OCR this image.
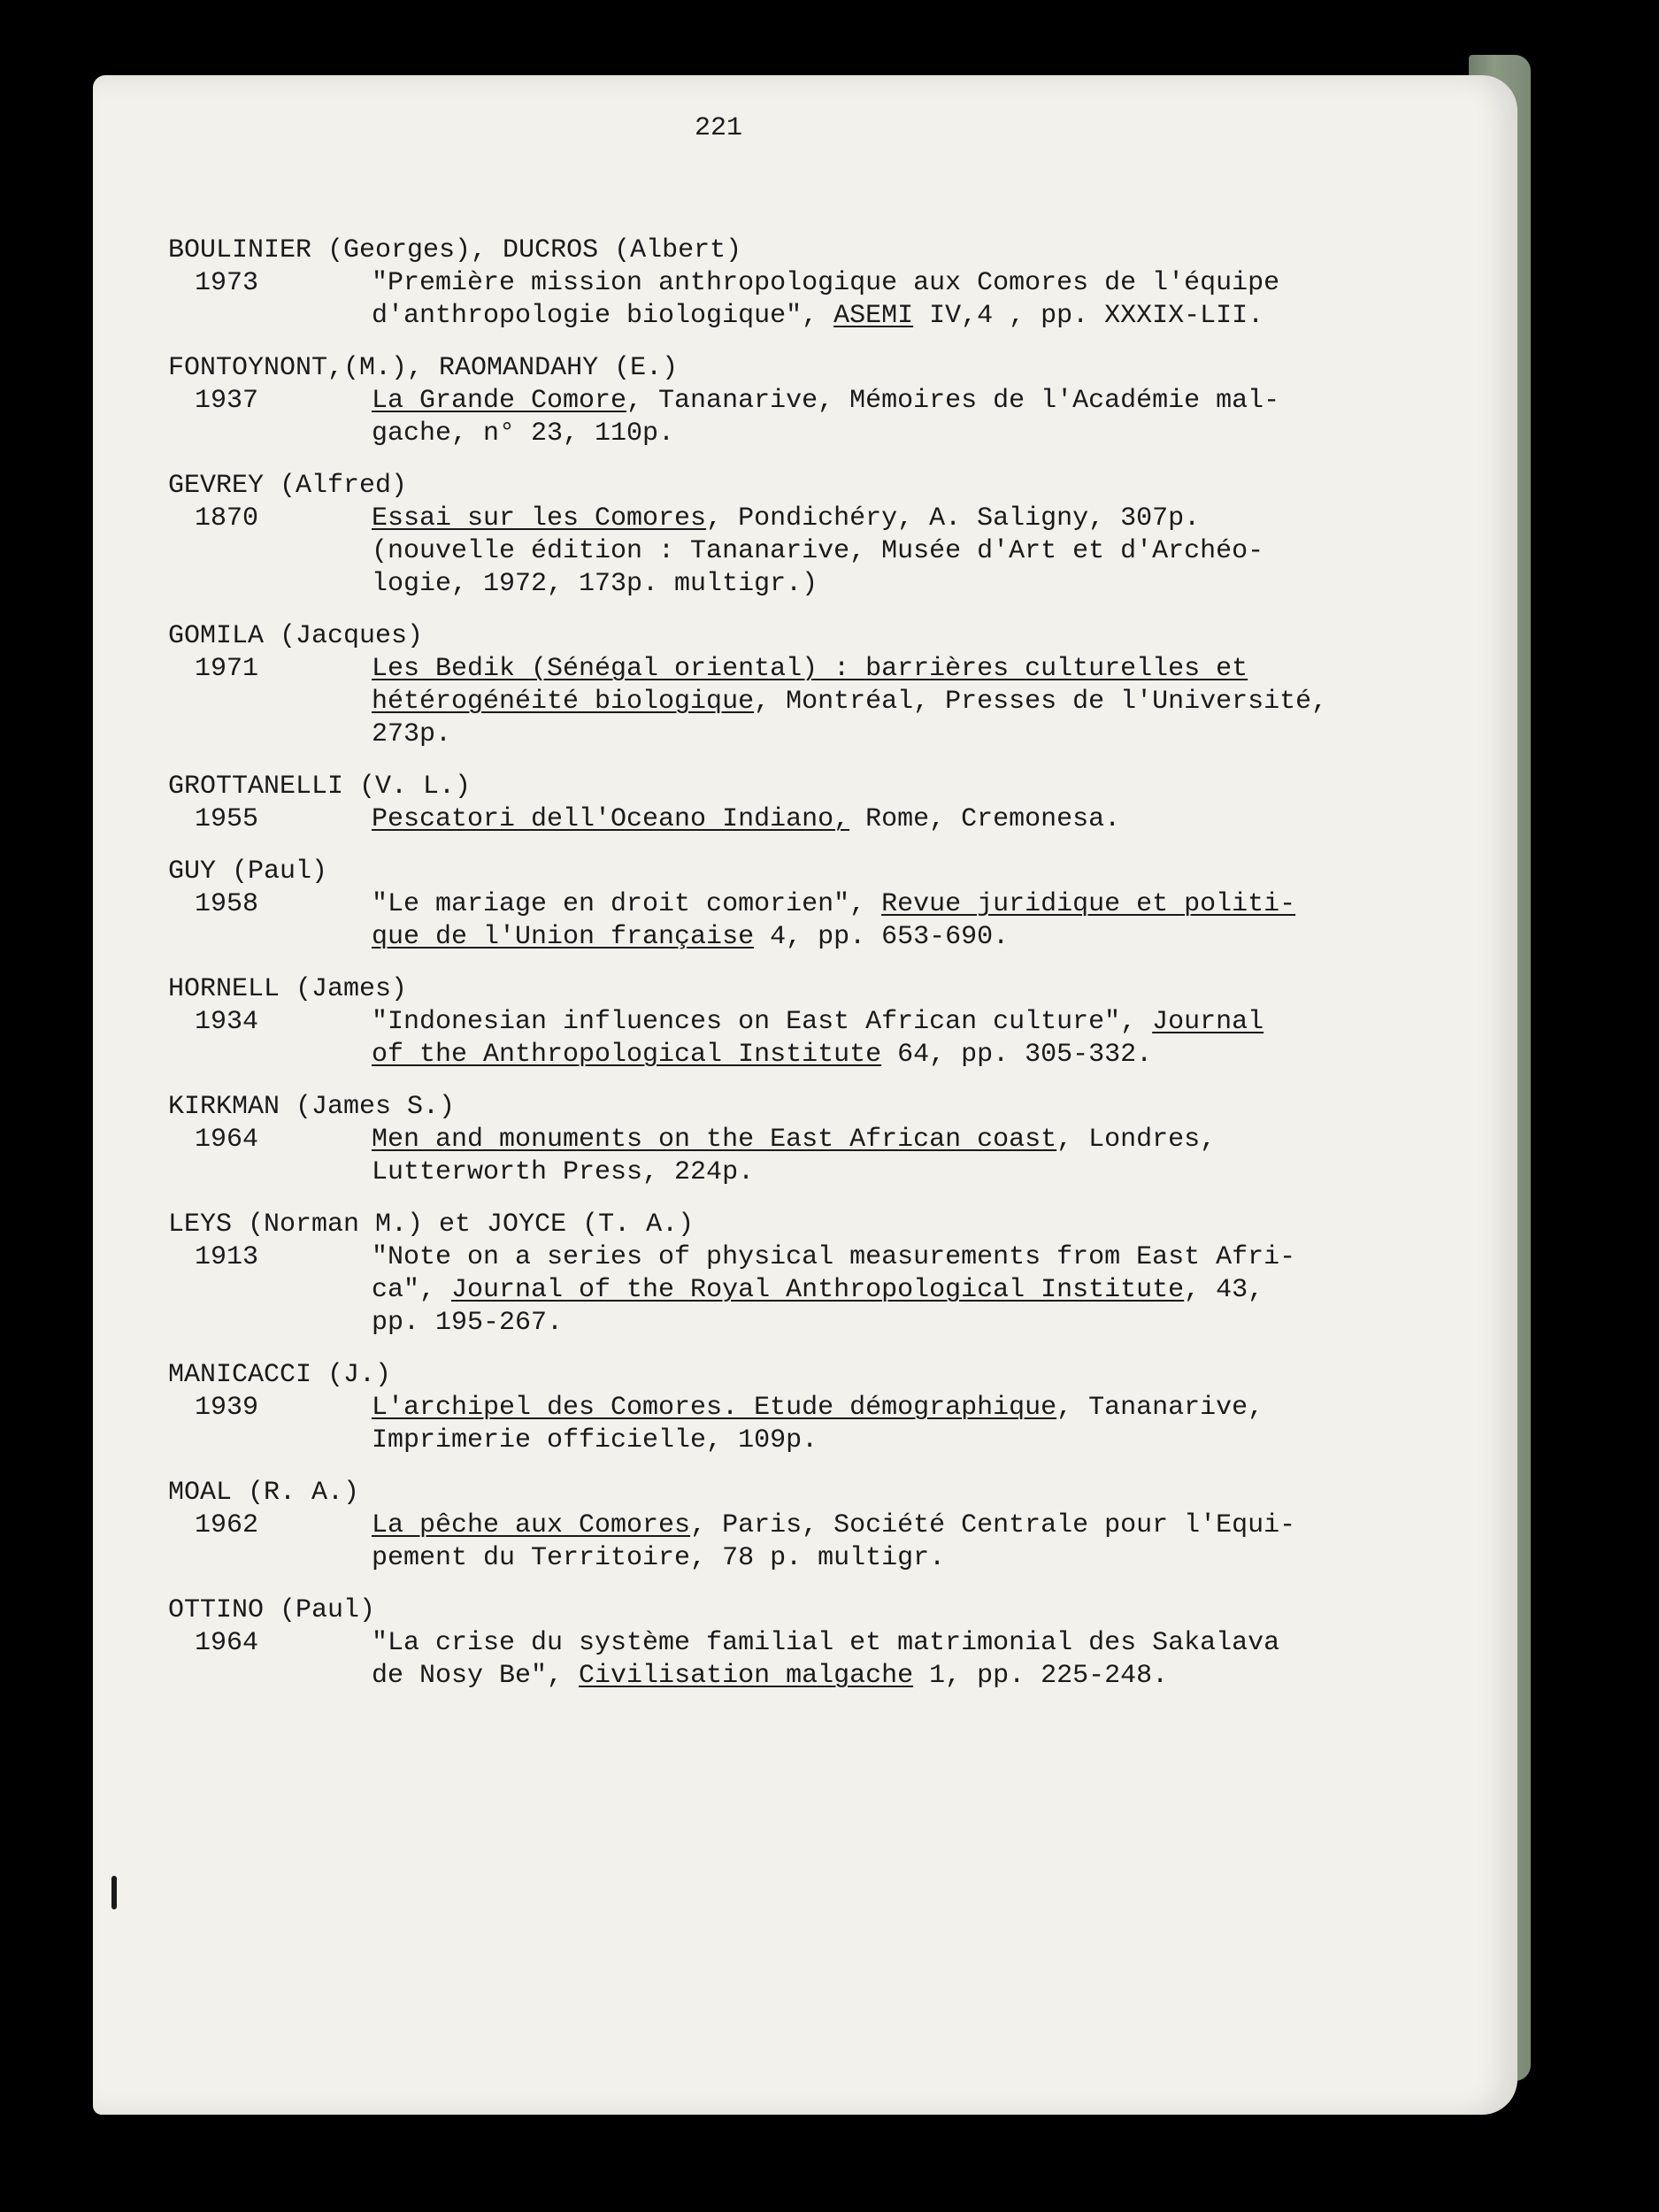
221
BOULINIER (Georges), DUCROS (Albert)
1973	"Première mission anthropologique aux Comores de l'équipe
d'anthropologie biologique", ASEMI IV,4 , pp. XXXIX-LII.
FONTOYNONT,(M.), RAOMANDAHY (E.)
1937	La Grande Comore, Tananarive, Mémoires de l'Académie mal-
gache, n° 23, 110p.
GEVREY (Alfred)
1870	Essai sur les Comores, Pondichéry, A. Saligny, 307p.
(nouvelle édition : Tananarive, Musée d'Art et d'Archéo-
logie, 1972, 173p. multigr.)
GOMILA (Jacques)
1971	Les Bedik (Sénégal oriental) : barrières culturelles et
hétérogénéité biologique, Montréal, Presses de l'Université,
273p.
GROTTANELLI (V. L.)
1955	Pescatori dell'Oceano Indiano, Rome, Cremonesa.
GUY (Paul)
1958	"Le mariage en droit comorien", Revue juridique et politi-
que de l'Union française 4, pp. 653-690.
HORNELL (James)
1934	"Indonesian influences on East African culture", Journal
of the Anthropological Institute 64, pp. 305-332.
KIRKMAN (James S.)
1964	Men and monuments on the East African coast, Londres,
Lutterworth Press, 224p.
LEYS (Norman M.) et JOYCE (T. A.)
1913	"Note on a series of physical measurements from East Afri-
ca", Journal of the Royal Anthropological Institute, 43,
pp. 195-267.
MANICACCI (J.)
1939	L'archipel des Comores. Etude démographique, Tananarive,
Imprimerie officielle, 109p.
MOAL (R. A.)
1962	La pêche aux Comores, Paris, Société Centrale pour l'Equi-
pement du Territoire, 78 p. multigr.
OTTINO (Paul)
1964	"La crise du système familial et matrimonial des Sakalava
de Nosy Be", Civilisation malgache 1, pp. 225-248.
